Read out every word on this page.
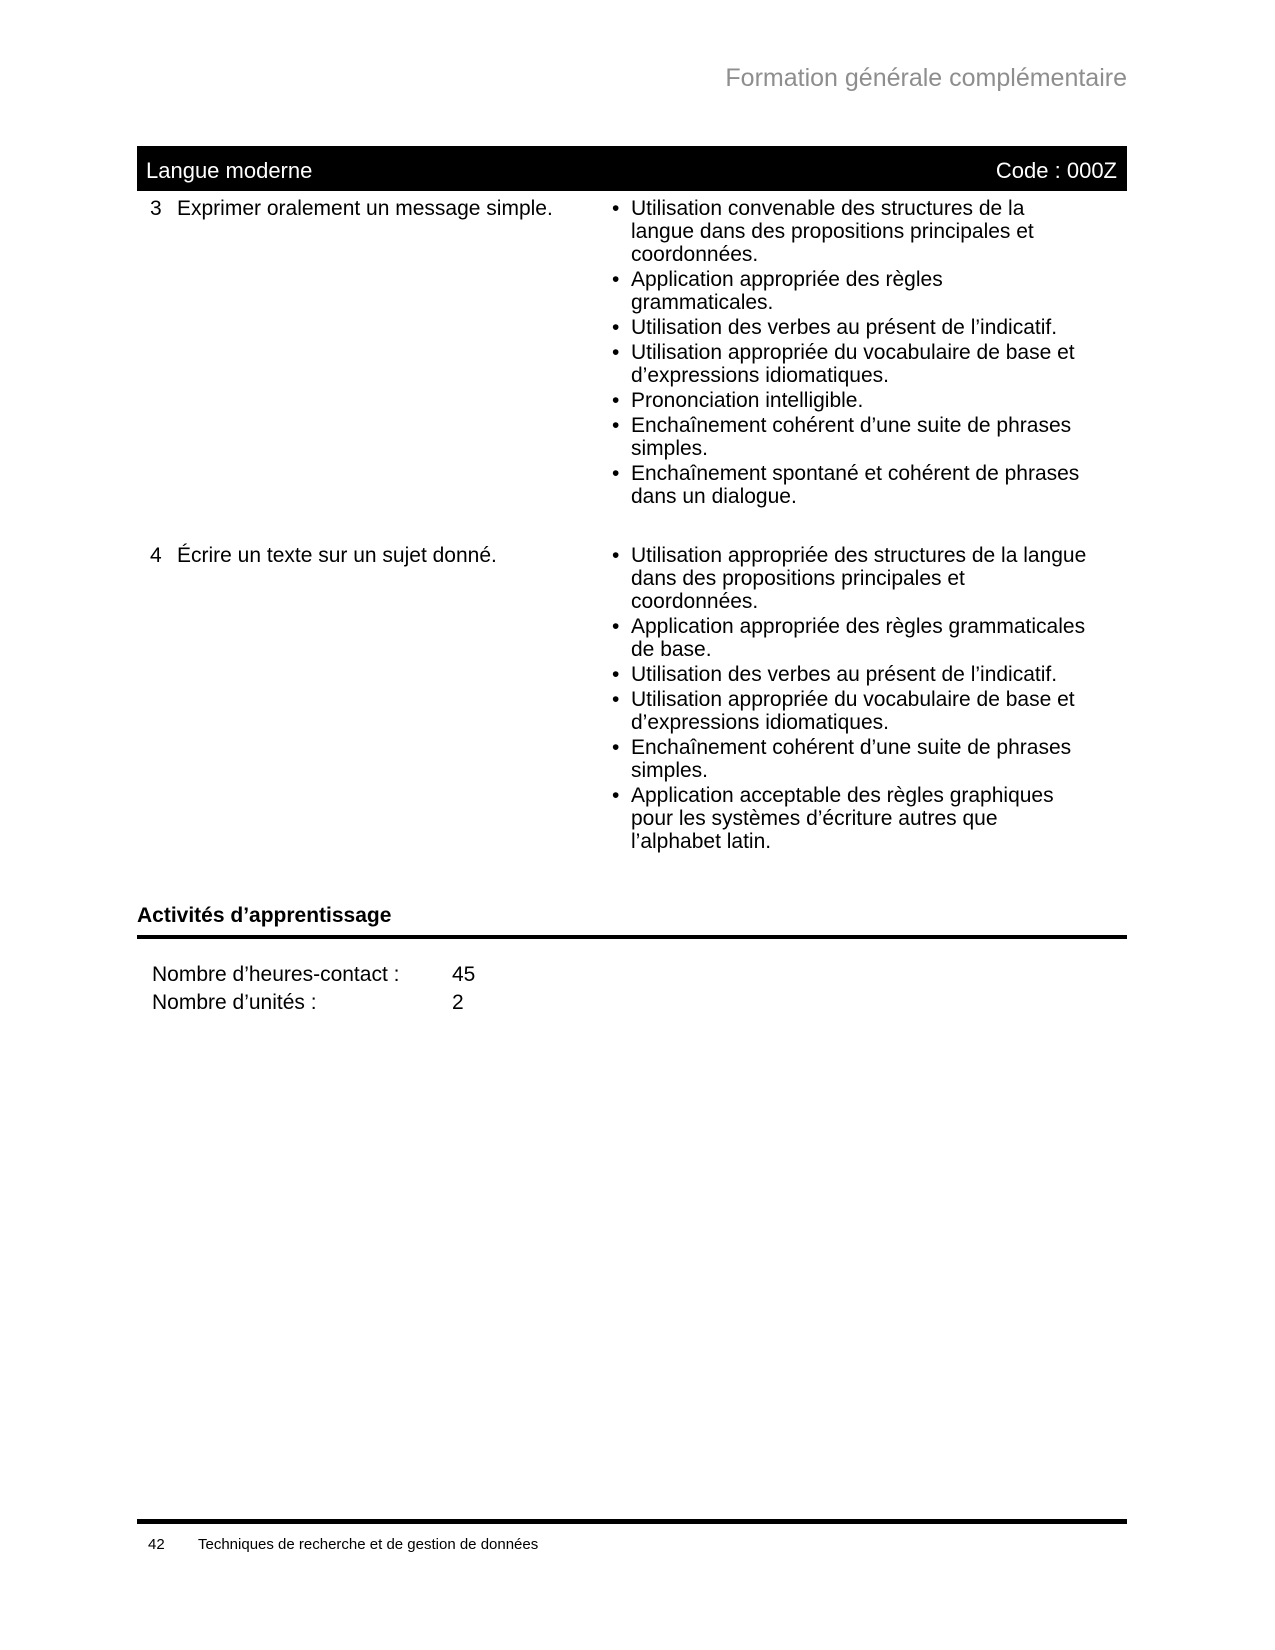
Formation générale complémentaire
Langue moderne	Code : 000Z
3 Exprimer oralement un message simple.	• Utilisation convenable des structures de la langue dans des propositions principales et coordonnées.
• Application appropriée des règles grammaticales.
• Utilisation des verbes au présent de l’indicatif.
• Utilisation appropriée du vocabulaire de base et d’expressions idiomatiques.
• Prononciation intelligible.
• Enchaînement cohérent d’une suite de phrases simples.
• Enchaînement spontané et cohérent de phrases dans un dialogue.
4 Écrire un texte sur un sujet donné.	• Utilisation appropriée des structures de la langue dans des propositions principales et coordonnées.
• Application appropriée des règles grammaticales de base.
• Utilisation des verbes au présent de l’indicatif.
• Utilisation appropriée du vocabulaire de base et d’expressions idiomatiques.
• Enchaînement cohérent d’une suite de phrases simples.
• Application acceptable des règles graphiques pour les systèmes d’écriture autres que l’alphabet latin.
Activités d’apprentissage
Nombre d’heures-contact :	45
Nombre d’unités :	2
42	Techniques de recherche et de gestion de données
